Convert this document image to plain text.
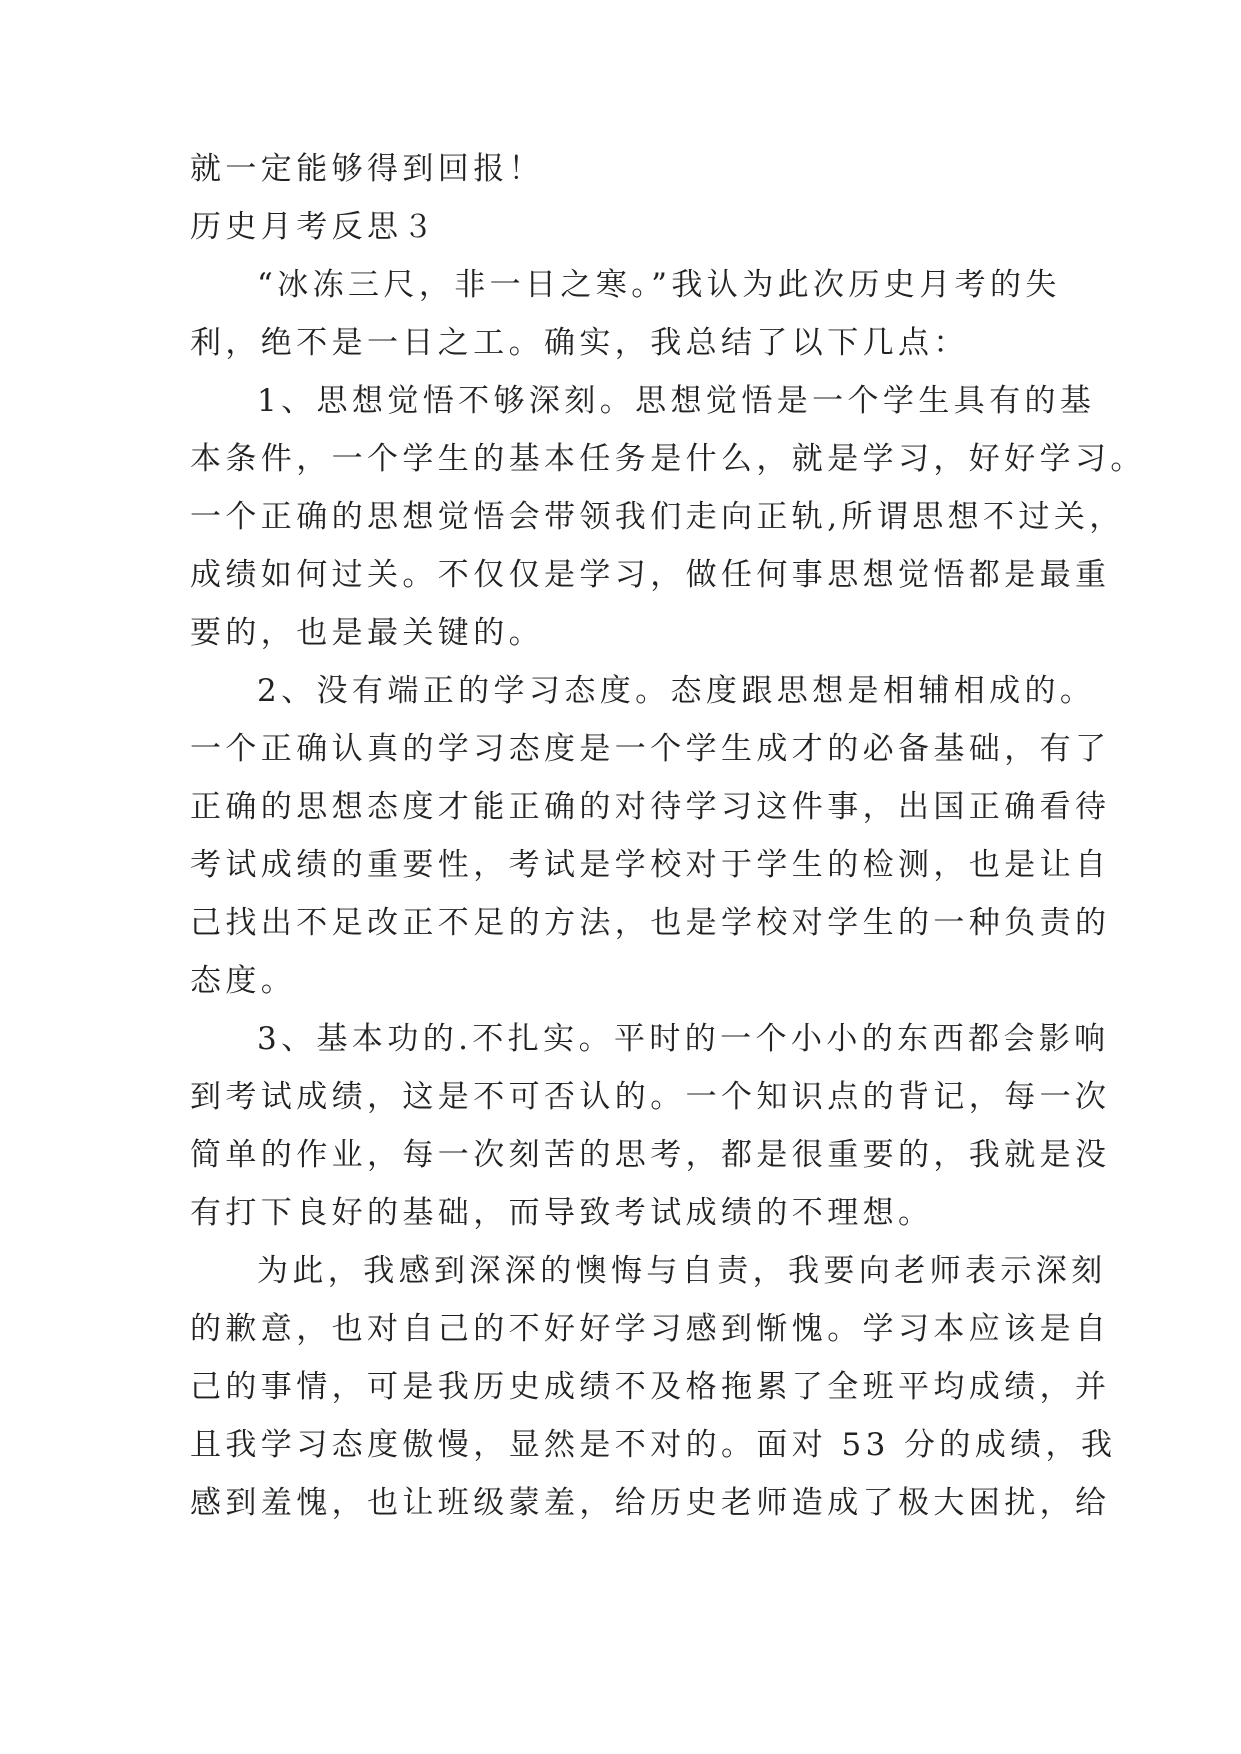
就一定能够得到回报！
历史月考反思３
“冰冻三尺，非一日之寒。”我认为此次历史月考的失
利，绝不是一日之工。确实，我总结了以下几点：
1、思想觉悟不够深刻。思想觉悟是一个学生具有的基
本条件，一个学生的基本任务是什么，就是学习，好好学习。
一个正确的思想觉悟会带领我们走向正轨,所谓思想不过关，
成绩如何过关。不仅仅是学习，做任何事思想觉悟都是最重
要的，也是最关键的。
2、没有端正的学习态度。态度跟思想是相辅相成的。
一个正确认真的学习态度是一个学生成才的必备基础，有了
正确的思想态度才能正确的对待学习这件事，出国正确看待
考试成绩的重要性，考试是学校对于学生的检测，也是让自
己找出不足改正不足的方法，也是学校对学生的一种负责的
态度。
3、基本功的.不扎实。平时的一个小小的东西都会影响
到考试成绩，这是不可否认的。一个知识点的背记，每一次
简单的作业，每一次刻苦的思考，都是很重要的，我就是没
有打下良好的基础，而导致考试成绩的不理想。
为此，我感到深深的懊悔与自责，我要向老师表示深刻
的歉意，也对自己的不好好学习感到惭愧。学习本应该是自
己的事情，可是我历史成绩不及格拖累了全班平均成绩，并
且我学习态度傲慢，显然是不对的。面对 53 分的成绩，我
感到羞愧，也让班级蒙羞，给历史老师造成了极大困扰，给
